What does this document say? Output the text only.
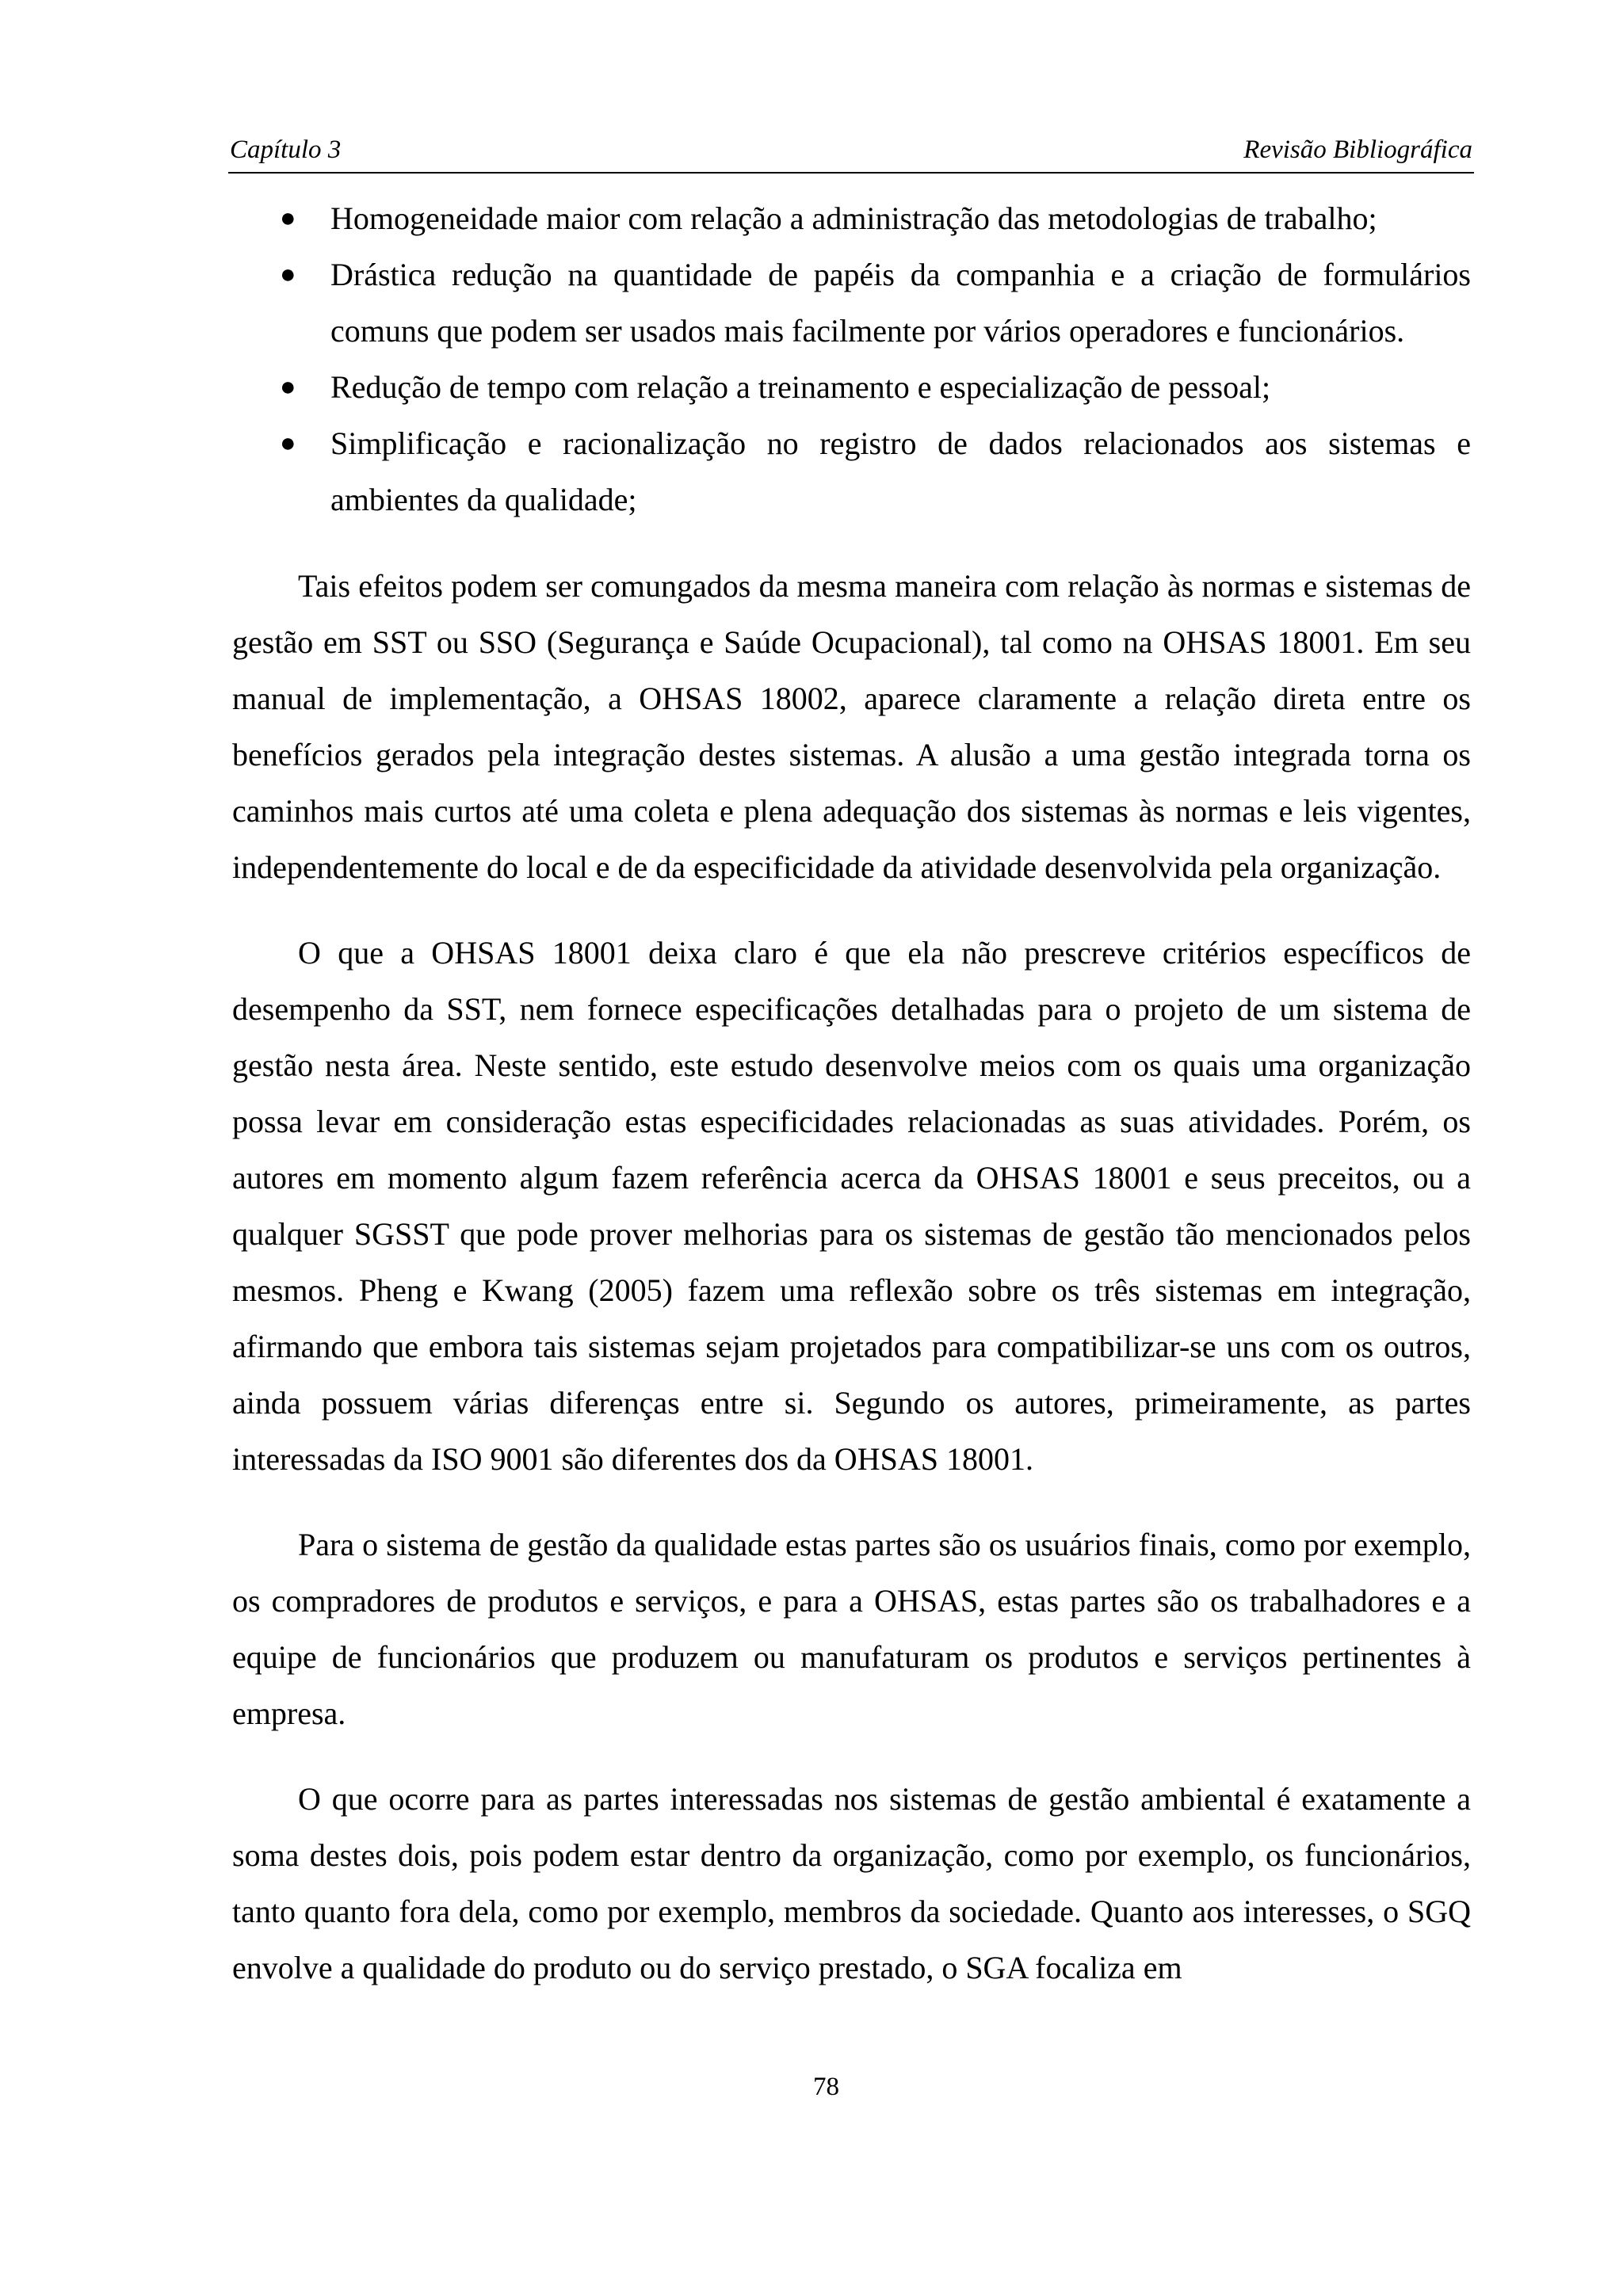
Capítulo 3	Revisão Bibliográfica
● Homogeneidade maior com relação a administração das metodologias de trabalho;
● Drástica redução na quantidade de papéis da companhia e a criação de formulários comuns que podem ser usados mais facilmente por vários operadores e funcionários.
● Redução de tempo com relação a treinamento e especialização de pessoal;
● Simplificação e racionalização no registro de dados relacionados aos sistemas e ambientes da qualidade;

Tais efeitos podem ser comungados da mesma maneira com relação às normas e sistemas de gestão em SST ou SSO (Segurança e Saúde Ocupacional), tal como na OHSAS 18001. Em seu manual de implementação, a OHSAS 18002, aparece claramente a relação direta entre os benefícios gerados pela integração destes sistemas. A alusão a uma gestão integrada torna os caminhos mais curtos até uma coleta e plena adequação dos sistemas às normas e leis vigentes, independentemente do local e de da especificidade da atividade desenvolvida pela organização.

O que a OHSAS 18001 deixa claro é que ela não prescreve critérios específicos de desempenho da SST, nem fornece especificações detalhadas para o projeto de um sistema de gestão nesta área. Neste sentido, este estudo desenvolve meios com os quais uma organização possa levar em consideração estas especificidades relacionadas as suas atividades. Porém, os autores em momento algum fazem referência acerca da OHSAS 18001 e seus preceitos, ou a qualquer SGSST que pode prover melhorias para os sistemas de gestão tão mencionados pelos mesmos. Pheng e Kwang (2005) fazem uma reflexão sobre os três sistemas em integração, afirmando que embora tais sistemas sejam projetados para compatibilizar-se uns com os outros, ainda possuem várias diferenças entre si. Segundo os autores, primeiramente, as partes interessadas da ISO 9001 são diferentes dos da OHSAS 18001.

Para o sistema de gestão da qualidade estas partes são os usuários finais, como por exemplo, os compradores de produtos e serviços, e para a OHSAS, estas partes são os trabalhadores e a equipe de funcionários que produzem ou manufaturam os produtos e serviços pertinentes à empresa.

O que ocorre para as partes interessadas nos sistemas de gestão ambiental é exatamente a soma destes dois, pois podem estar dentro da organização, como por exemplo, os funcionários, tanto quanto fora dela, como por exemplo, membros da sociedade. Quanto aos interesses, o SGQ envolve a qualidade do produto ou do serviço prestado, o SGA focaliza em

78
